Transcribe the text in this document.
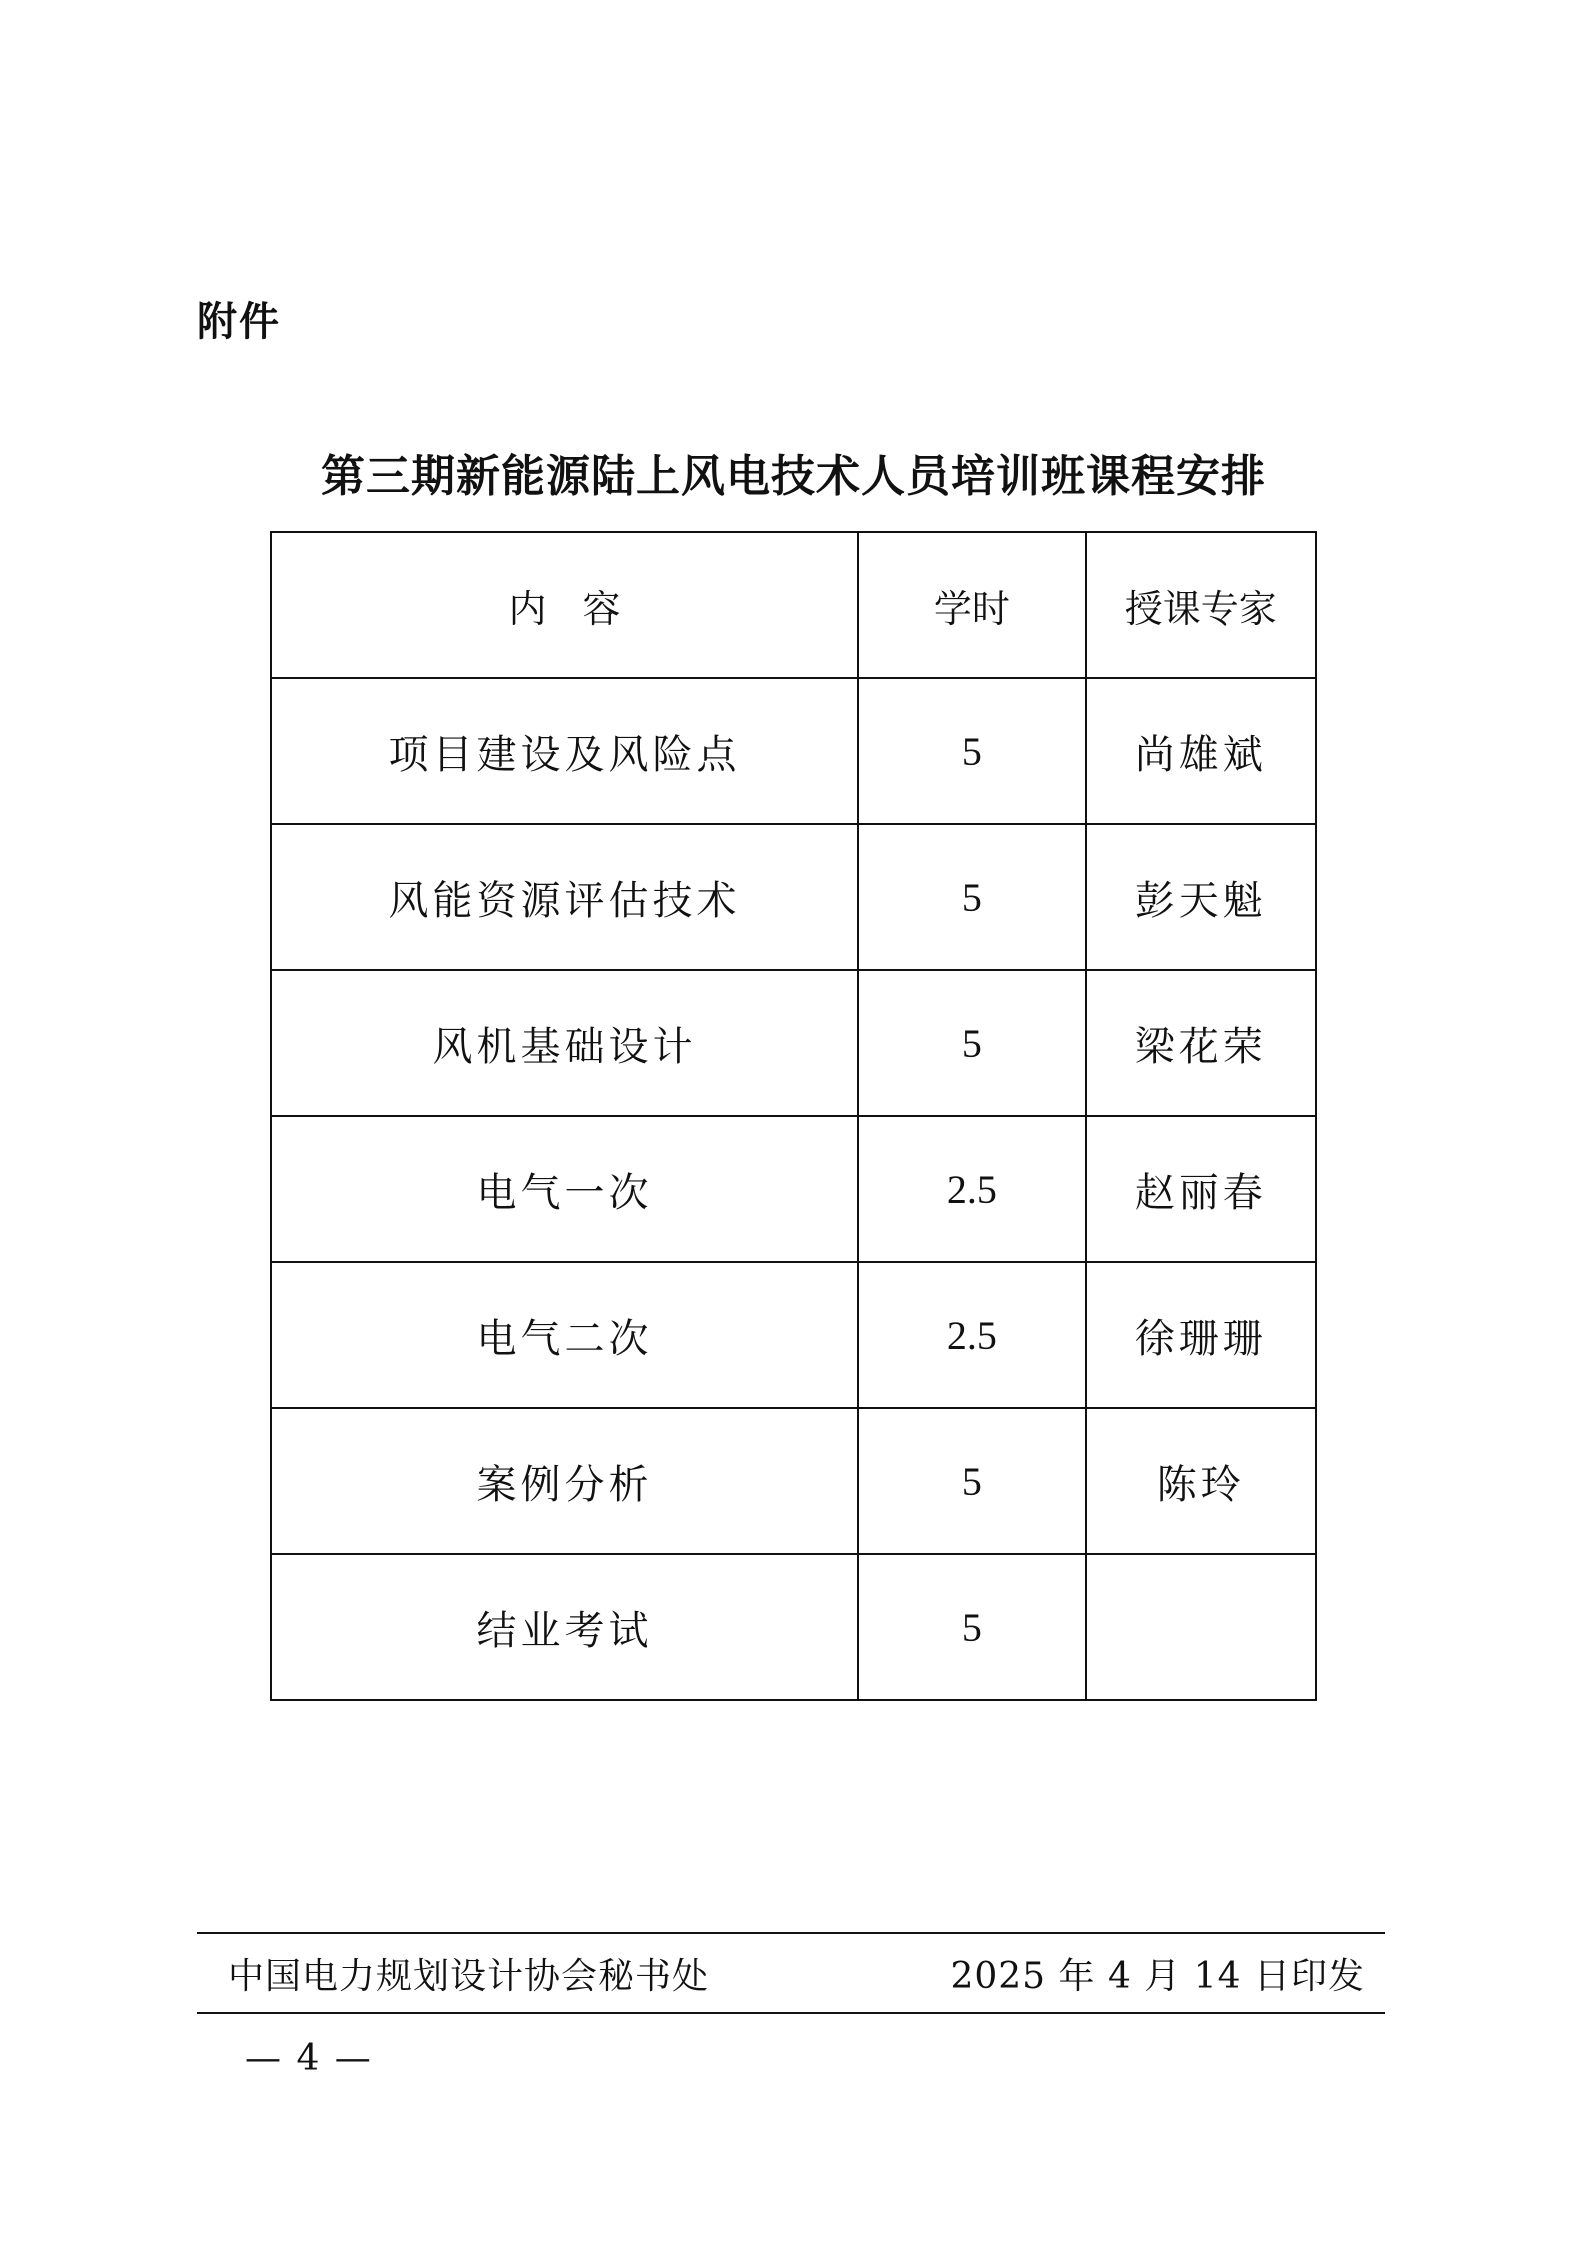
附件
第三期新能源陆上风电技术人员培训班课程安排
内容	学时	授课专家
项目建设及风险点	5	尚雄斌
风能资源评估技术	5	彭天魁
风机基础设计	5	梁花荣
电气一次	2.5	赵丽春
电气二次	2.5	徐珊珊
案例分析	5	陈玲
结业考试	5	
中国电力规划设计协会秘书处	2025 年 4 月 14 日印发
— 4 —
